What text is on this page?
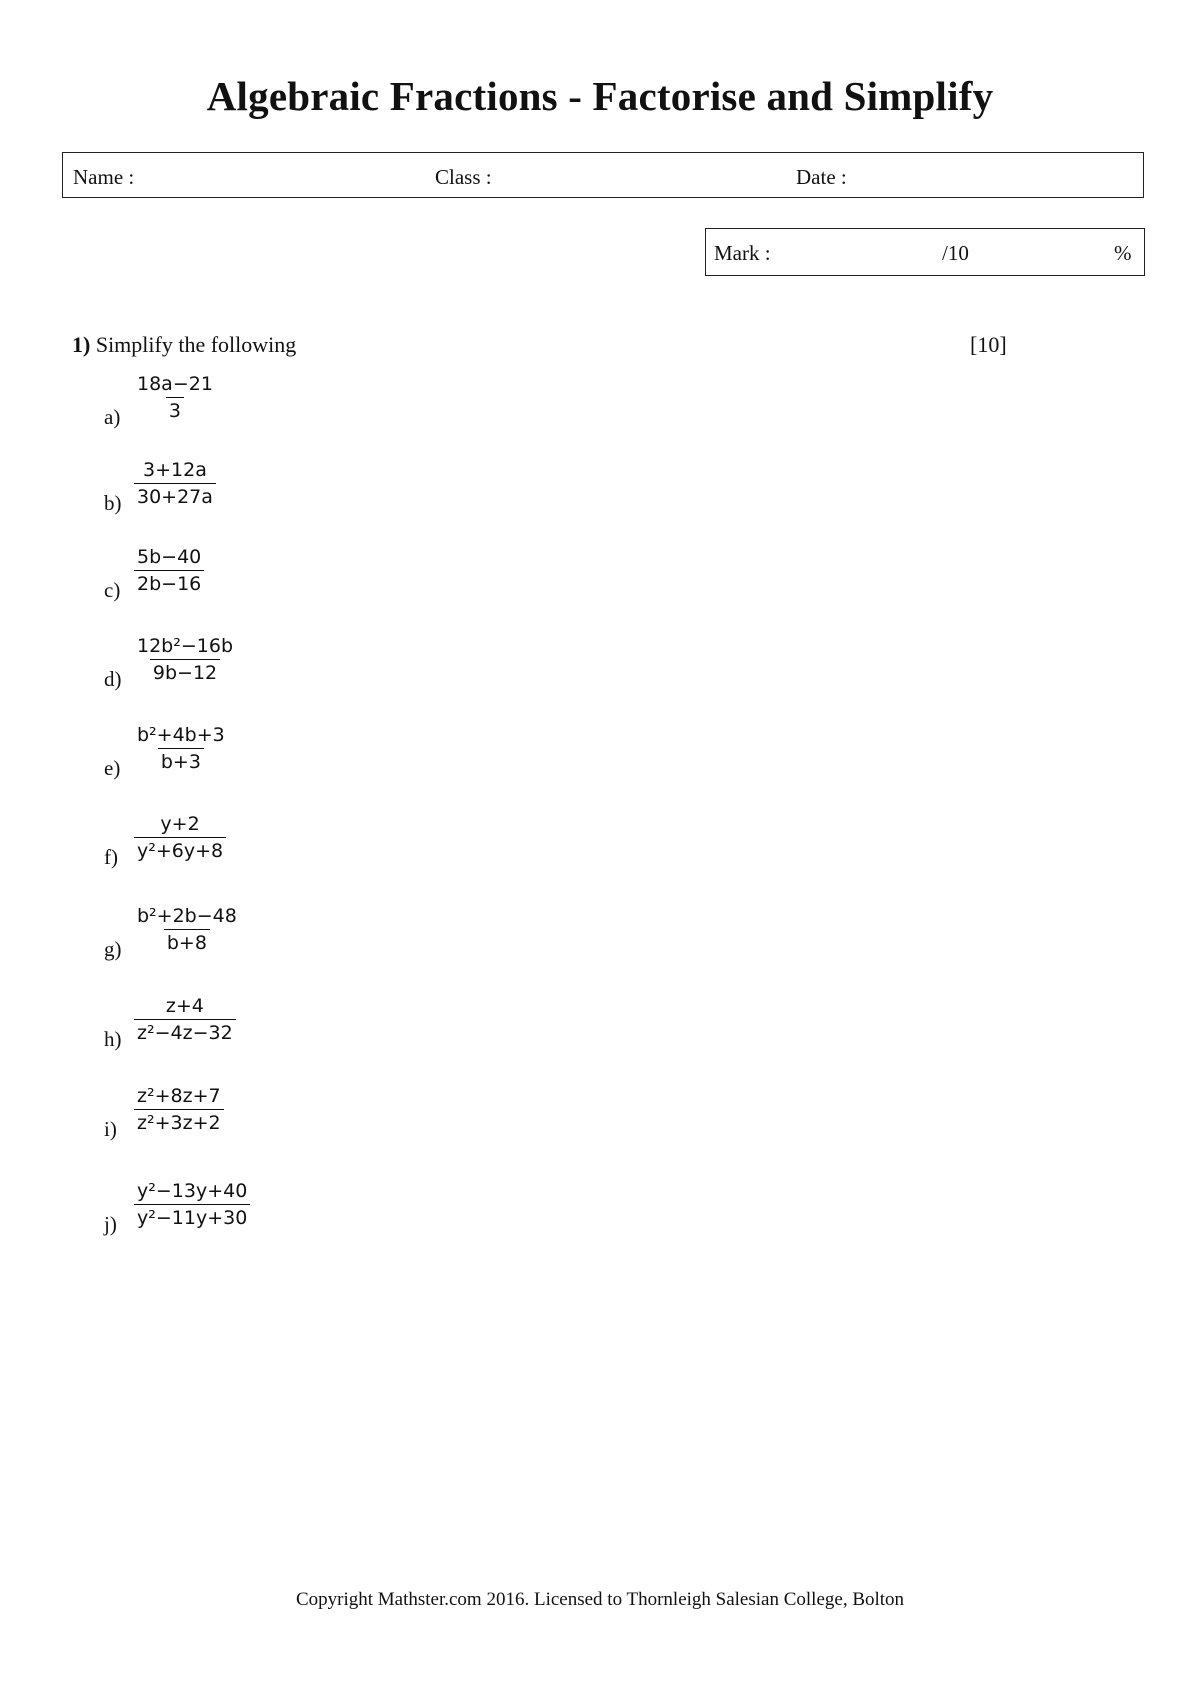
Algebraic Fractions - Factorise and Simplify
Name :	Class :	Date :
Mark :	/10	%
1) Simplify the following	[10]
$a) \frac{18a-21}{3}$
$b) \frac{3+12a}{30+27a}$
$c) \frac{5b-40}{2b-16}$
$d) \frac{\text{12b²−16b}}{9b-12}$
$e) \frac{\text{b²+4b+3}}{b+3}$
$f) \frac{y+2}{\text{y²+6y+8}}$
$g) \frac{\text{b²+2b−48}}{b+8}$
$h) \frac{z+4}{\text{z²−4z−32}}$
$i) \frac{\text{z²+8z+7}}{\text{z²+3z+2}}$
$j) \frac{\text{y²−13y+40}}{\text{y²−11y+30}}$
Copyright Mathster.com 2016. Licensed to Thornleigh Salesian College, Bolton
